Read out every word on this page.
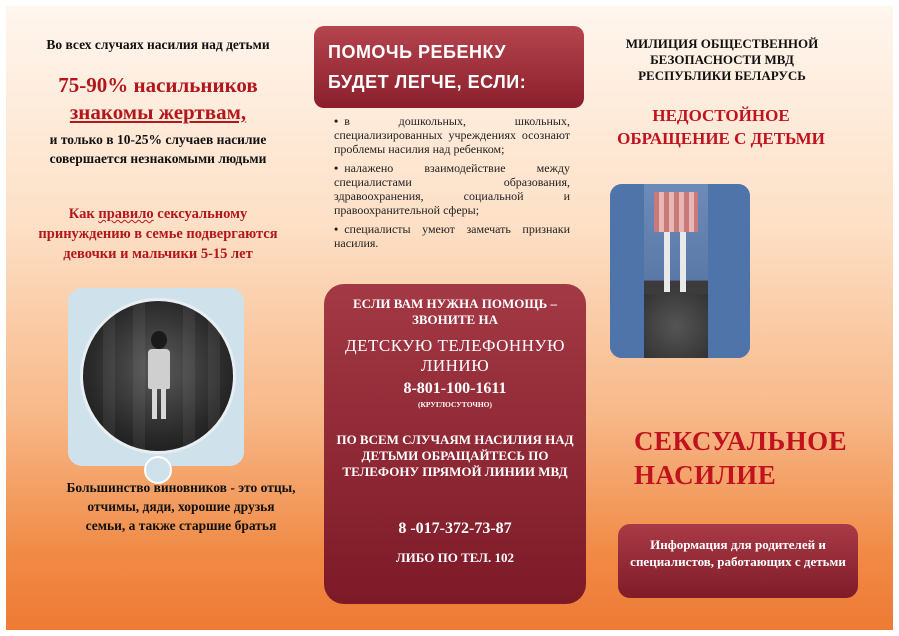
Во всех случаях насилия над детьми
75-90% насильников
знакомы жертвам,
и только в 10-25% случаев насилие совершается незнакомыми людьми
Как правило сексуальному принуждению в семье подвергаются девочки и мальчики 5-15 лет
Большинство виновников - это отцы, отчимы, дяди, хорошие друзья семьи, а также старшие братья
ПОМОЧЬ РЕБЕНКУ
БУДЕТ ЛЕГЧЕ, ЕСЛИ:
• в дошкольных, школьных, специализированных учреждениях осознают проблемы насилия над ребенком;
• налажено взаимодействие между специалистами образования, здравоохранения, социальной и правоохранительной сферы;
• специалисты умеют замечать признаки насилия.
ЕСЛИ ВАМ НУЖНА ПОМОЩЬ – ЗВОНИТЕ НА
ДЕТСКУЮ ТЕЛЕФОННУЮ ЛИНИЮ
8-801-100-1611
(КРУГЛОСУТОЧНО)
ПО ВСЕМ СЛУЧАЯМ НАСИЛИЯ НАД ДЕТЬМИ ОБРАЩАЙТЕСЬ ПО ТЕЛЕФОНУ ПРЯМОЙ ЛИНИИ МВД
8 -017-372-73-87
ЛИБО ПО ТЕЛ. 102
МИЛИЦИЯ ОБЩЕСТВЕННОЙ БЕЗОПАСНОСТИ МВД РЕСПУБЛИКИ БЕЛАРУСЬ
НЕДОСТОЙНОЕ ОБРАЩЕНИЕ С ДЕТЬМИ
СЕКСУАЛЬНОЕ
НАСИЛИЕ
Информация для родителей и специалистов, работающих с детьми
